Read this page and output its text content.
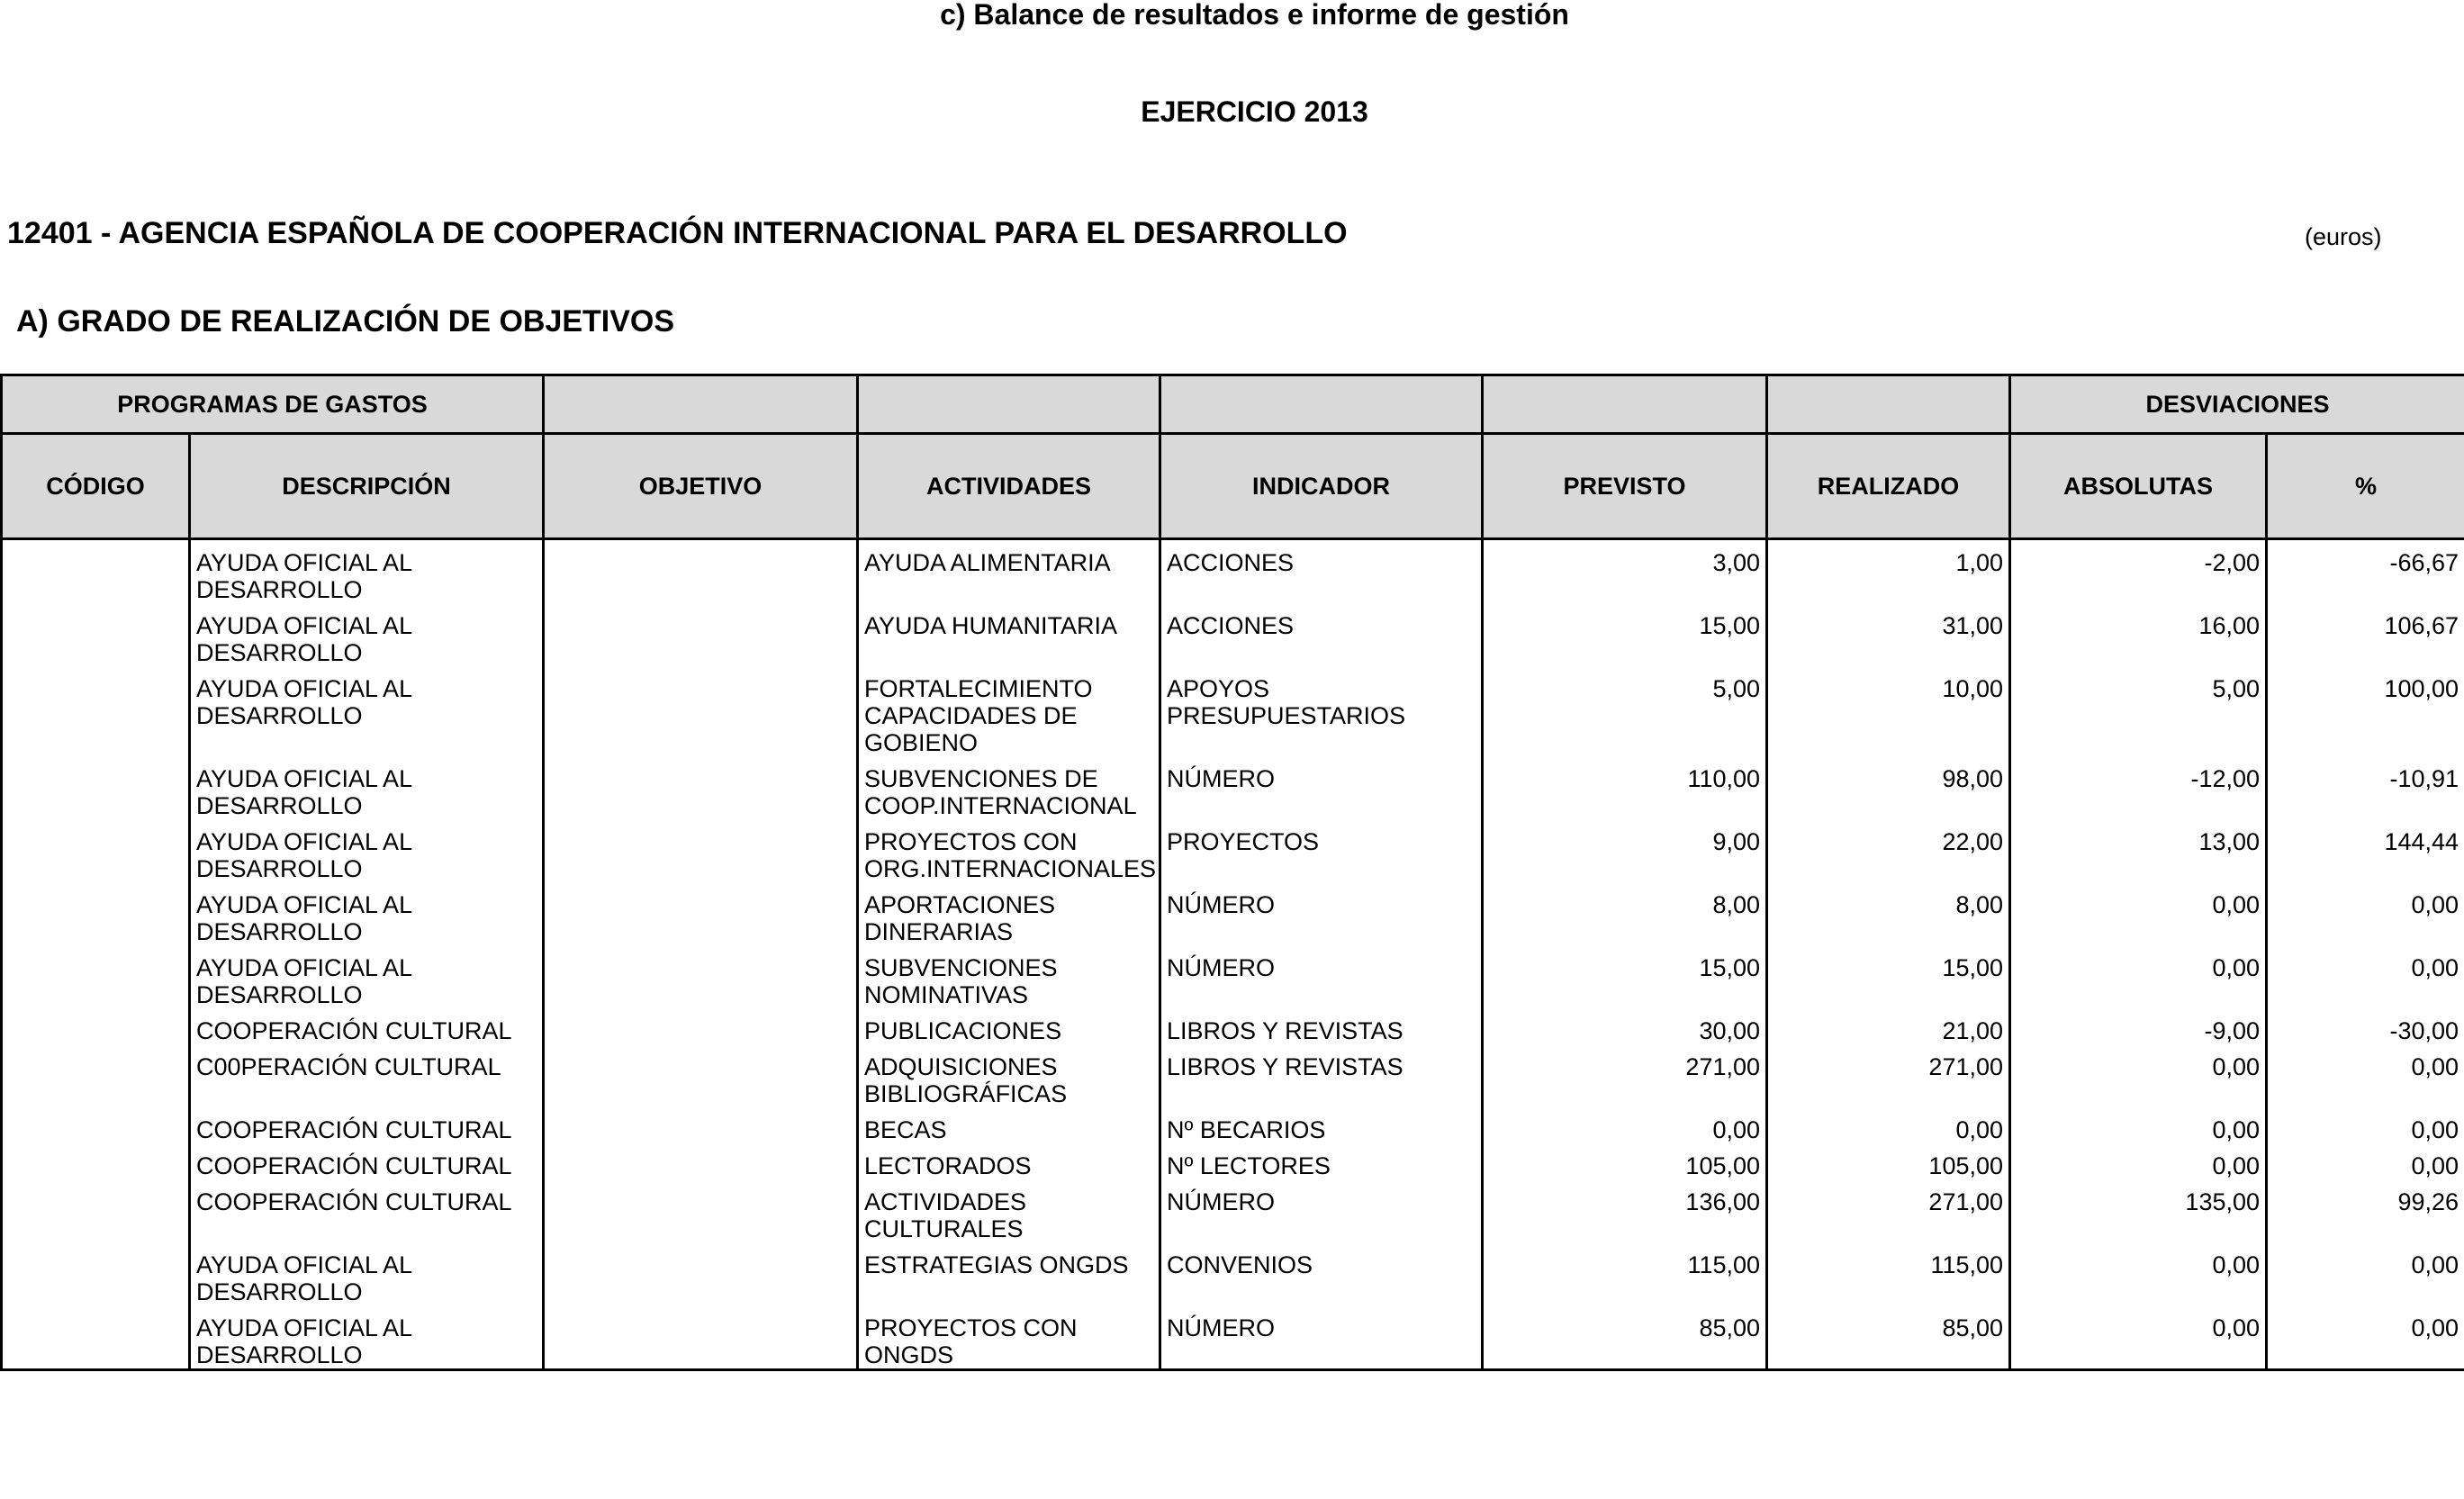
c) Balance de resultados e informe de gestión
EJERCICIO 2013
12401 - AGENCIA ESPAÑOLA DE COOPERACIÓN INTERNACIONAL PARA EL DESARROLLO	(euros)
A) GRADO DE REALIZACIÓN DE OBJETIVOS
PROGRAMAS DE GASTOS							DESVIACIONES	
CÓDIGO	DESCRIPCIÓN	OBJETIVO	ACTIVIDADES	INDICADOR	PREVISTO	REALIZADO	ABSOLUTAS	%
	AYUDA OFICIAL AL DESARROLLO		AYUDA ALIMENTARIA	ACCIONES	3,00	1,00	-2,00	-66,67
	AYUDA OFICIAL AL DESARROLLO		AYUDA HUMANITARIA	ACCIONES	15,00	31,00	16,00	106,67
	AYUDA OFICIAL AL DESARROLLO		FORTALECIMIENTO CAPACIDADES DE GOBIENO	APOYOS PRESUPUESTARIOS	5,00	10,00	5,00	100,00
	AYUDA OFICIAL AL DESARROLLO		SUBVENCIONES DE COOP.INTERNACIONAL	NÚMERO	110,00	98,00	-12,00	-10,91
	AYUDA OFICIAL AL DESARROLLO		PROYECTOS CON ORG.INTERNACIONALES	PROYECTOS	9,00	22,00	13,00	144,44
	AYUDA OFICIAL AL DESARROLLO		APORTACIONES DINERARIAS	NÚMERO	8,00	8,00	0,00	0,00
	AYUDA OFICIAL AL DESARROLLO		SUBVENCIONES NOMINATIVAS	NÚMERO	15,00	15,00	0,00	0,00
	COOPERACIÓN CULTURAL		PUBLICACIONES	LIBROS Y REVISTAS	30,00	21,00	-9,00	-30,00
	C00PERACIÓN CULTURAL		ADQUISICIONES BIBLIOGRÁFICAS	LIBROS Y REVISTAS	271,00	271,00	0,00	0,00
	COOPERACIÓN CULTURAL		BECAS	Nº BECARIOS	0,00	0,00	0,00	0,00
	COOPERACIÓN CULTURAL		LECTORADOS	Nº LECTORES	105,00	105,00	0,00	0,00
	COOPERACIÓN CULTURAL		ACTIVIDADES CULTURALES	NÚMERO	136,00	271,00	135,00	99,26
	AYUDA OFICIAL AL DESARROLLO		ESTRATEGIAS ONGDS	CONVENIOS	115,00	115,00	0,00	0,00
	AYUDA OFICIAL AL DESARROLLO		PROYECTOS CON ONGDS	NÚMERO	85,00	85,00	0,00	0,00
